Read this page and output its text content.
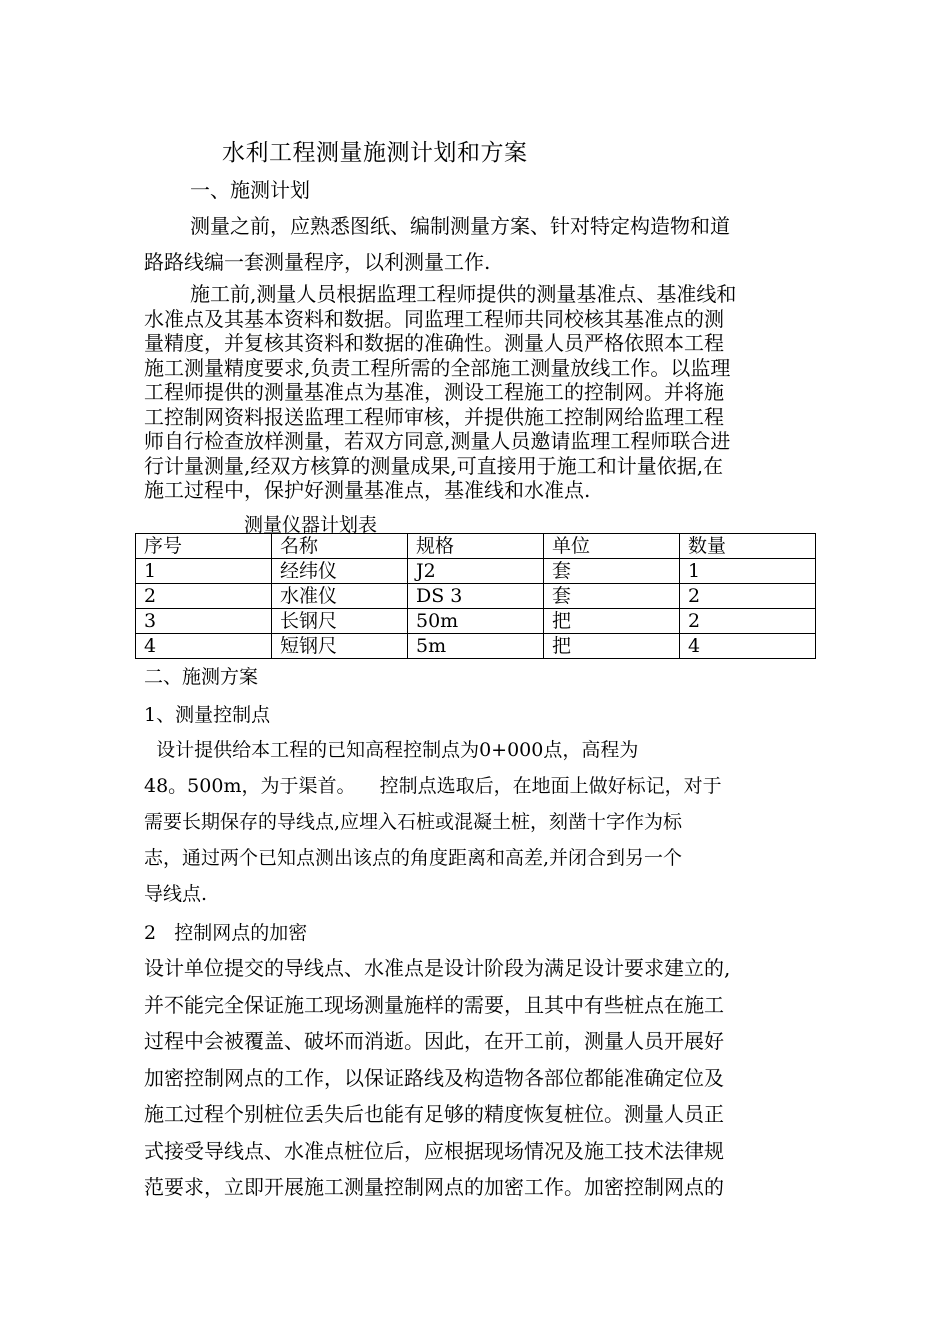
水利工程测量施测计划和方案
一、施测计划
测量之前，应熟悉图纸、编制测量方案、针对特定构造物和道
路路线编一套测量程序，以利测量工作.
施工前,测量人员根据监理工程师提供的测量基准点、基准线和
水准点及其基本资料和数据。同监理工程师共同校核其基准点的测
量精度，并复核其资料和数据的准确性。测量人员严格依照本工程
施工测量精度要求,负责工程所需的全部施工测量放线工作。以监理
工程师提供的测量基准点为基准，测设工程施工的控制网。并将施
工控制网资料报送监理工程师审核，并提供施工控制网给监理工程
师自行检查放样测量，若双方同意,测量人员邀请监理工程师联合进
行计量测量,经双方核算的测量成果,可直接用于施工和计量依据,在
施工过程中，保护好测量基准点，基准线和水准点.
测量仪器计划表
序号	名称	规格	单位	数量
1	经纬仪	J2	套	1
2	水准仪	DS 3	套	2
3	长钢尺	50m	把	2
4	短钢尺	5m	把	4
二、施测方案
1、测量控制点
设计提供给本工程的已知高程控制点为0+000点，高程为
48。500m，为于渠首。    控制点选取后，在地面上做好标记，对于
需要长期保存的导线点,应埋入石桩或混凝土桩，刻凿十字作为标
志，通过两个已知点测出该点的角度距离和高差,并闭合到另一个
导线点.
2   控制网点的加密
设计单位提交的导线点、水准点是设计阶段为满足设计要求建立的,
并不能完全保证施工现场测量施样的需要，且其中有些桩点在施工
过程中会被覆盖、破坏而消逝。因此，在开工前，测量人员开展好
加密控制网点的工作，以保证路线及构造物各部位都能准确定位及
施工过程个别桩位丢失后也能有足够的精度恢复桩位。测量人员正
式接受导线点、水准点桩位后，应根据现场情况及施工技术法律规
范要求，立即开展施工测量控制网点的加密工作。加密控制网点的
